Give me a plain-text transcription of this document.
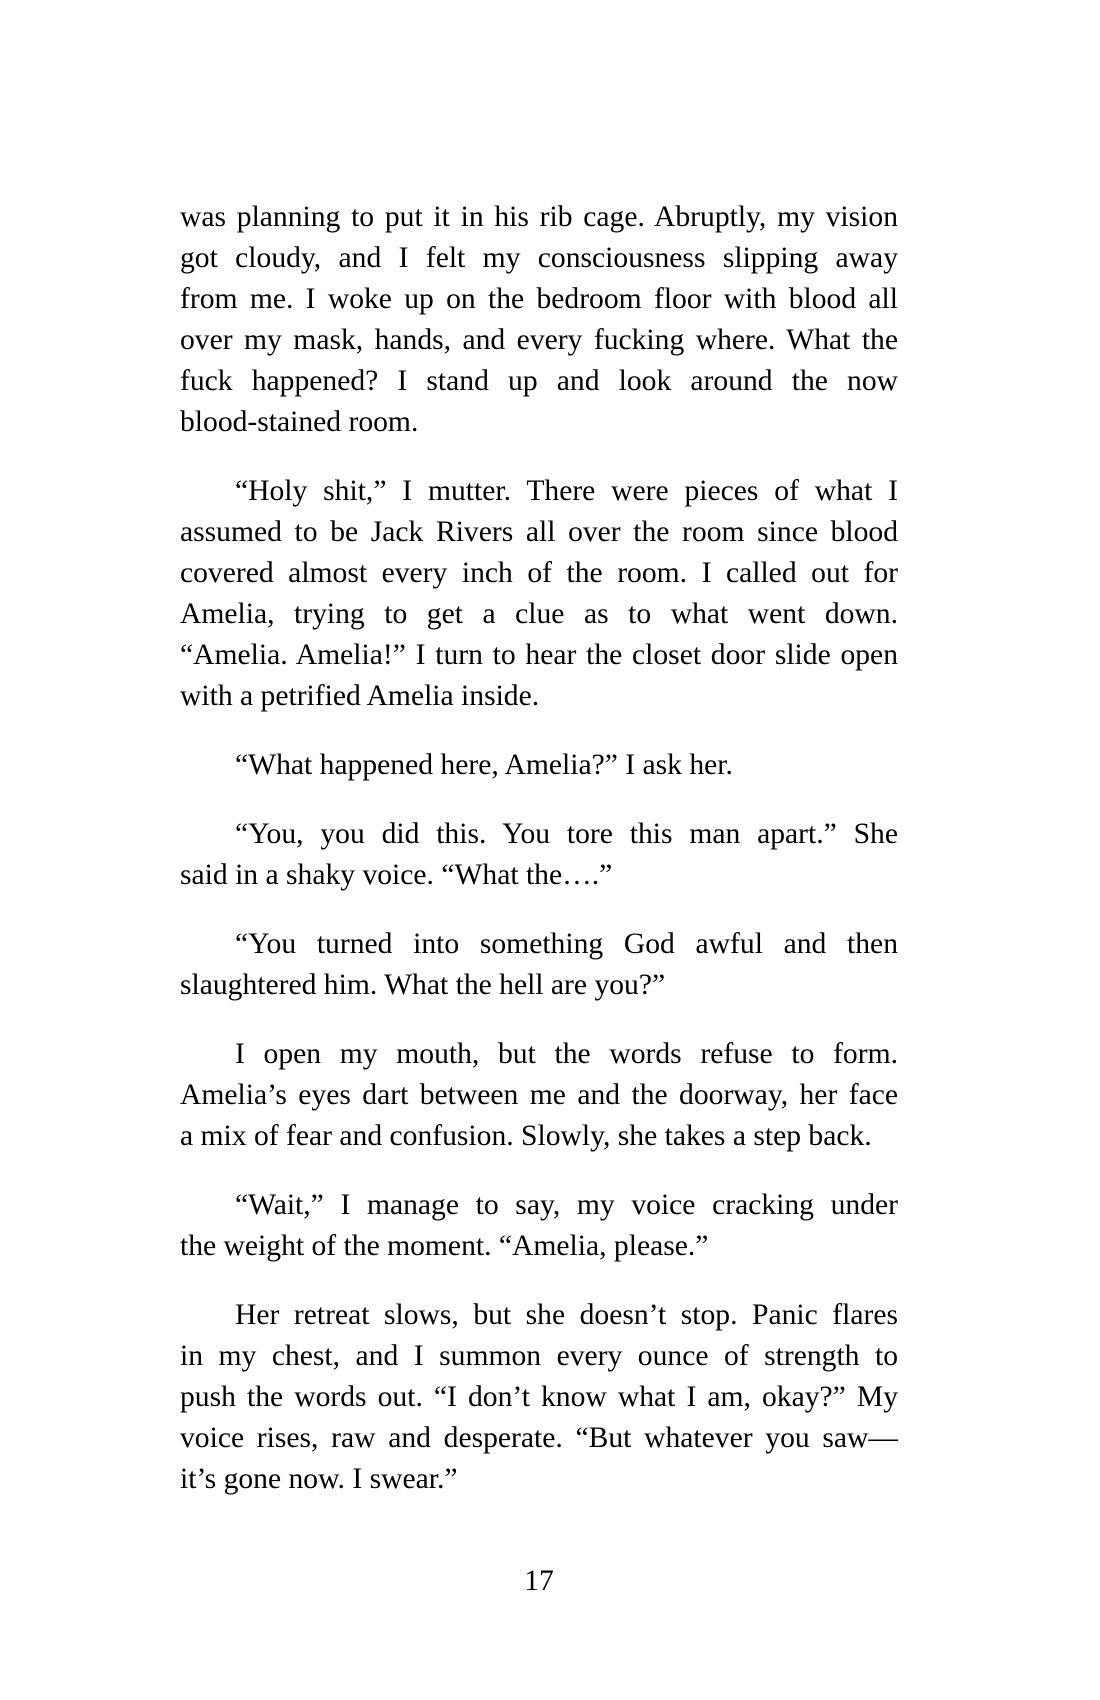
was planning to put it in his rib cage. Abruptly, my vision
got cloudy, and I felt my consciousness slipping away
from me. I woke up on the bedroom floor with blood all
over my mask, hands, and every fucking where. What the
fuck happened? I stand up and look around the now
blood-stained room.
“Holy shit,” I mutter. There were pieces of what I
assumed to be Jack Rivers all over the room since blood
covered almost every inch of the room. I called out for
Amelia, trying to get a clue as to what went down.
“Amelia. Amelia!” I turn to hear the closet door slide open
with a petrified Amelia inside.
“What happened here, Amelia?” I ask her.
“You, you did this. You tore this man apart.” She
said in a shaky voice. “What the….”
“You turned into something God awful and then
slaughtered him. What the hell are you?”
I open my mouth, but the words refuse to form.
Amelia’s eyes dart between me and the doorway, her face
a mix of fear and confusion. Slowly, she takes a step back.
“Wait,” I manage to say, my voice cracking under
the weight of the moment. “Amelia, please.”
Her retreat slows, but she doesn’t stop. Panic flares
in my chest, and I summon every ounce of strength to
push the words out. “I don’t know what I am, okay?” My
voice rises, raw and desperate. “But whatever you saw—
it’s gone now. I swear.”
17
